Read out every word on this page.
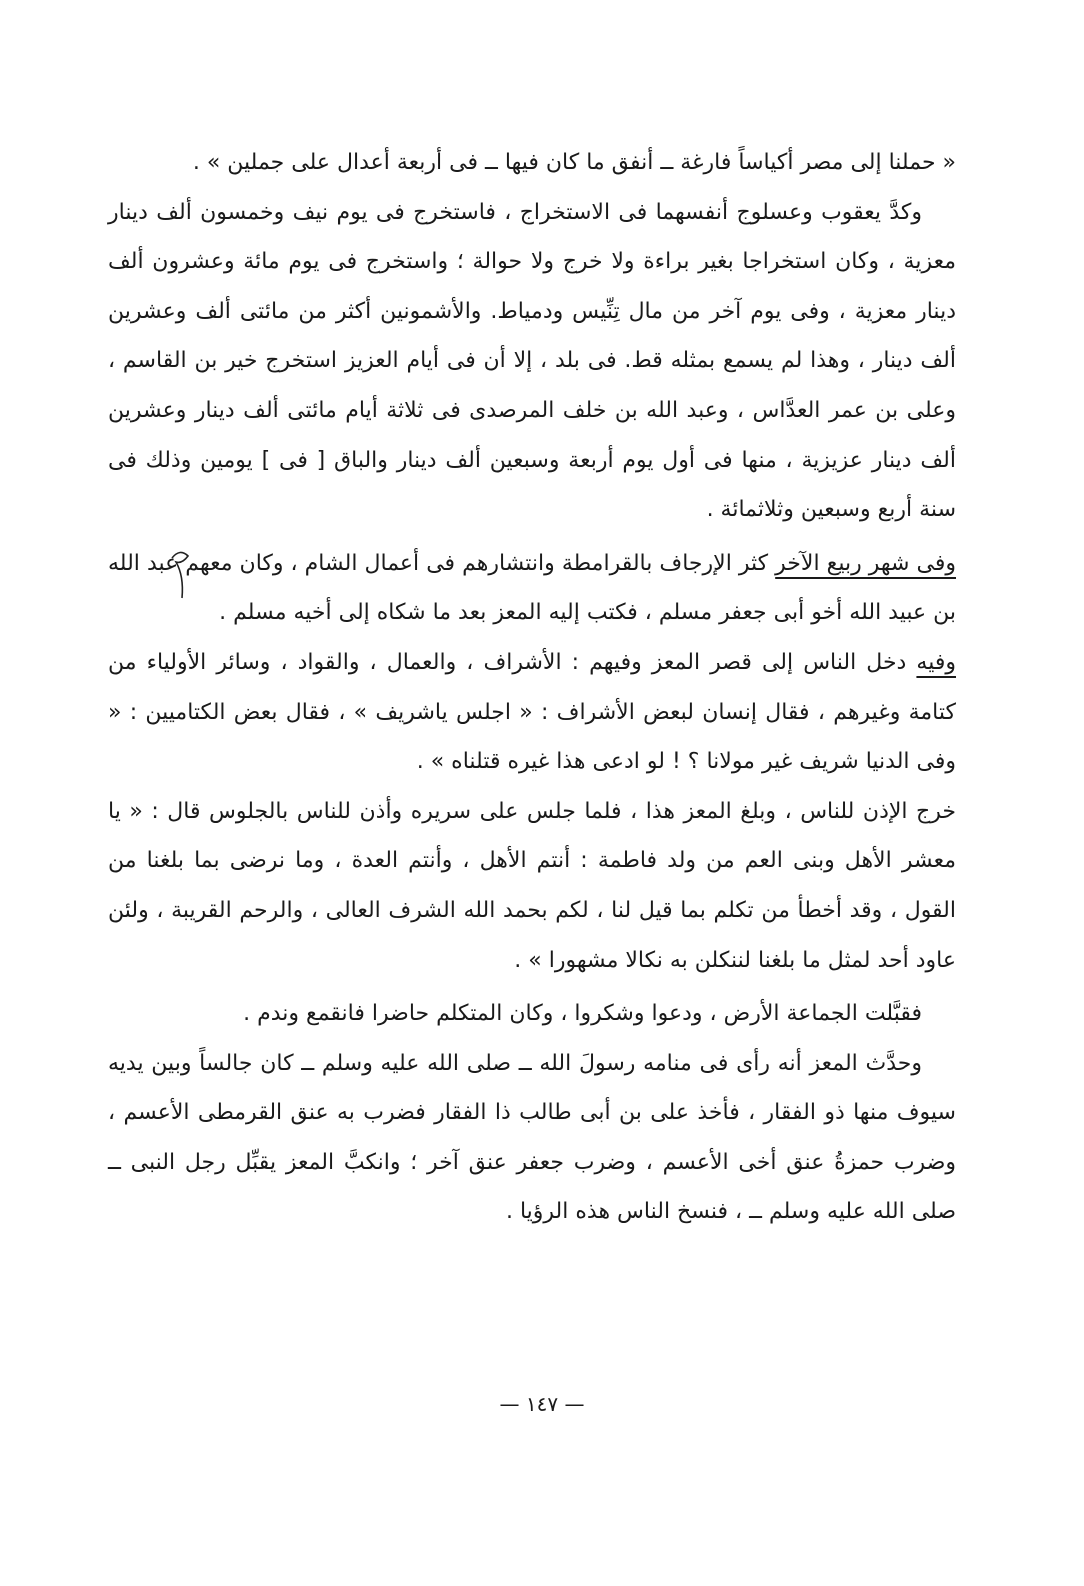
« حملنا إلى مصر أكياساً فارغة ــ أنفق ما كان فيها ــ فى أربعة أعدال على جملين » .

وكدَّ يعقوب وعسلوج أنفسهما فى الاستخراج ، فاستخرج فى يوم نيف وخمسون ألف دينار معزية ، وكان استخراجا بغير براءة ولا خرج ولا حوالة ؛ واستخرج فى يوم مائة وعشرون ألف دينار معزية ، وفى يوم آخر من مال تِنِّيس ودمياط. والأشمونين أكثر من مائتى ألف وعشرين ألف دينار ، وهذا لم يسمع بمثله قط. فى بلد ، إلا أن فى أيام العزيز استخرج خير بن القاسم ، وعلى بن عمر العدَّاس ، وعبد الله بن خلف المرصدى فى ثلاثة أيام مائتى ألف دينار وعشرين ألف دينار عزيزية ، منها فى أول يوم أربعة وسبعين ألف دينار والباق [ فى ] يومين وذلك فى سنة أربع وسبعين وثلاثمائة .

وفى شهر ربيع الآخر كثر الإرجاف بالقرامطة وانتشارهم فى أعمال الشام ، وكان معهم عبد الله بن عبيد الله أخو أبى جعفر مسلم ، فكتب إليه المعز بعد ما شكاه إلى أخيه مسلم .

وفيه دخل الناس إلى قصر المعز وفيهم : الأشراف ، والعمال ، والقواد ، وسائر الأولياء من كتامة وغيرهم ، فقال إنسان لبعض الأشراف : « اجلس ياشريف » ، فقال بعض الكتاميين : « وفى الدنيا شريف غير مولانا ؟ ! لو ادعى هذا غيره قتلناه » .

خرج الإذن للناس ، وبلغ المعز هذا ، فلما جلس على سريره وأذن للناس بالجلوس قال : « يا معشر الأهل وبنى العم من ولد فاطمة : أنتم الأهل ، وأنتم العدة ، وما نرضى بما بلغنا من القول ، وقد أخطأ من تكلم بما قيل لنا ، لكم بحمد الله الشرف العالى ، والرحم القريبة ، ولئن عاود أحد لمثل ما بلغنا لننكلن به نكالا مشهورا » .

فقبَّلت الجماعة الأرض ، ودعوا وشكروا ، وكان المتكلم حاضرا فانقمع وندم .

وحدَّث المعز أنه رأى فى منامه رسولَ الله ــ صلى الله عليه وسلم ــ كان جالساً وبين يديه سيوف منها ذو الفقار ، فأخذ على بن أبى طالب ذا الفقار فضرب به عنق القرمطى الأعسم ، وضرب حمزةُ عنق أخى الأعسم ، وضرب جعفر عنق آخر ؛ وانكبَّ المعز يقبِّل رجل النبى ــ صلى الله عليه وسلم ــ ، فنسخ الناس هذه الرؤيا .

— ١٤٧ —
